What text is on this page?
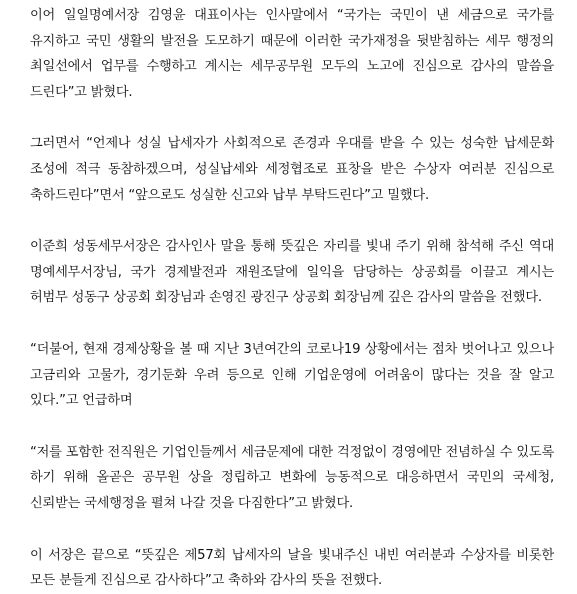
이어 일일명예서장 김영윤 대표이사는 인사말에서 “국가는 국민이 낸 세금으로 국가를 유지하고 국민 생활의 발전을 도모하기 때문에 이러한 국가재정을 뒷받침하는 세무 행정의 최일선에서 업무를 수행하고 계시는 세무공무원 모두의 노고에 진심으로 감사의 말씀을 드린다”고 밝혔다.

그러면서 “언제나 성실 납세자가 사회적으로 존경과 우대를 받을 수 있는 성숙한 납세문화 조성에 적극 동참하겠으며, 성실납세와 세정협조로 표창을 받은 수상자 여러분 진심으로 축하드린다”면서 “앞으로도 성실한 신고와 납부 부탁드린다”고 밀했다.

이준희 성동세무서장은 감사인사 말을 통해 뜻깊은 자리를 빛내 주기 위해 참석해 주신 역대 명예세무서장님, 국가 경제발전과 재원조달에 일익을 담당하는 상공회를 이끌고 계시는 허범무 성동구 상공회 회장님과 손영진 광진구 상공회 회장님께 깊은 감사의 말씀을 전했다.

“더불어, 현재 경제상황을 볼 때 지난 3년여간의 코로나19 상황에서는 점차 벗어나고 있으나 고금리와 고물가, 경기둔화 우려 등으로 인해 기업운영에 어려움이 많다는 것을 잘 알고 있다.”고 언급하며

“저를 포함한 전직원은 기업인들께서 세금문제에 대한 걱정없이 경영에만 전념하실 수 있도록 하기 위해 올곧은 공무원 상을 정립하고 변화에 능동적으로 대응하면서 국민의 국세청, 신뢰받는 국세행정을 펼쳐 나갈 것을 다짐한다”고 밝혔다.

이 서장은 끝으로 “뜻깊은 제57회 납세자의 날을 빛내주신 내빈 여러분과 수상자를 비롯한 모든 분들게 진심으로 감사하다”고 축하와 감사의 뜻을 전했다.
